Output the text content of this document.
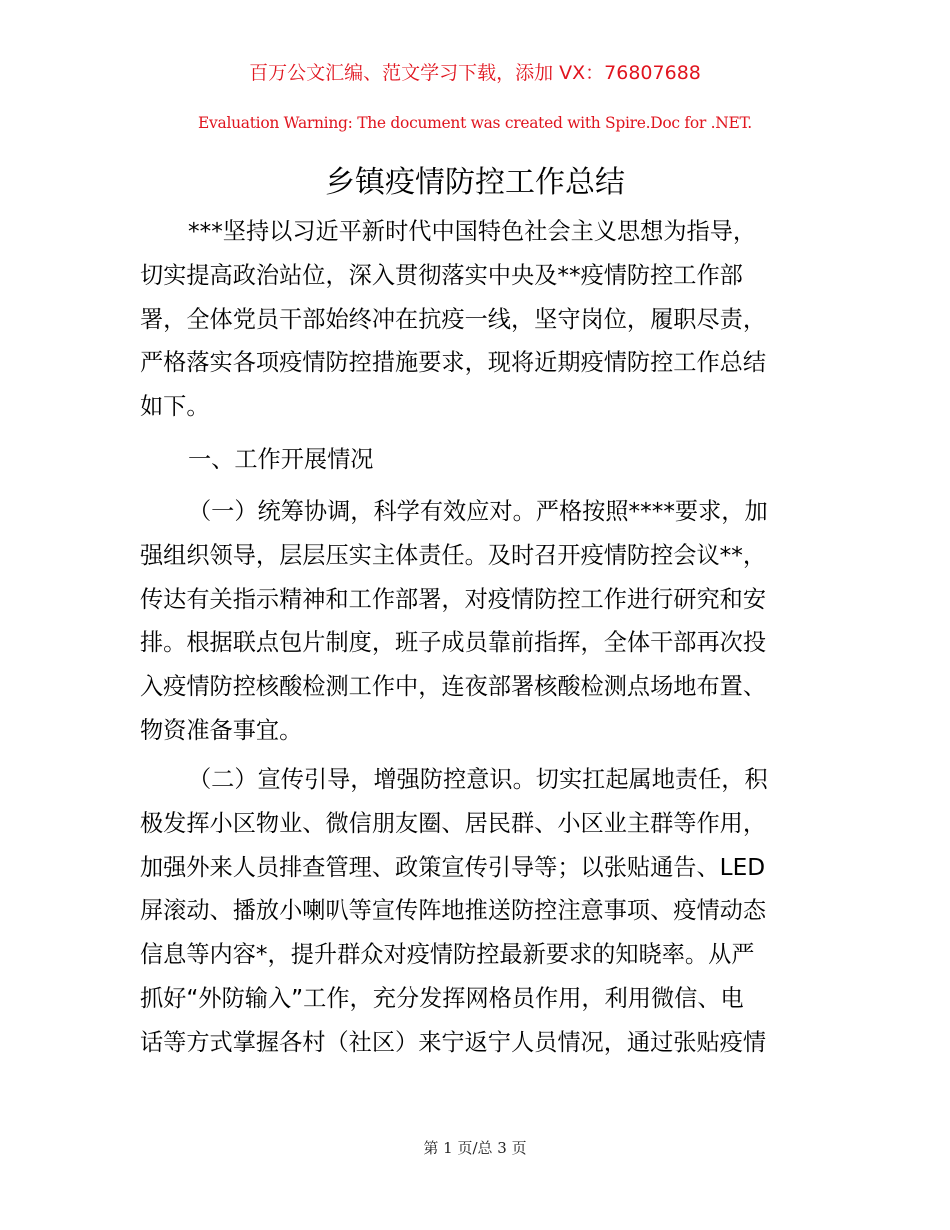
百万公文汇编、范文学习下载，添加 VX：76807688
Evaluation Warning: The document was created with Spire.Doc for .NET.
乡镇疫情防控工作总结
***坚持以习近平新时代中国特色社会主义思想为指导，
切实提高政治站位，深入贯彻落实中央及**疫情防控工作部
署，全体党员干部始终冲在抗疫一线，坚守岗位，履职尽责，
严格落实各项疫情防控措施要求，现将近期疫情防控工作总结
如下。
一、工作开展情况
（一）统筹协调，科学有效应对。严格按照****要求，加
强组织领导，层层压实主体责任。及时召开疫情防控会议**，
传达有关指示精神和工作部署，对疫情防控工作进行研究和安
排。根据联点包片制度，班子成员靠前指挥，全体干部再次投
入疫情防控核酸检测工作中，连夜部署核酸检测点场地布置、
物资准备事宜。
（二）宣传引导，增强防控意识。切实扛起属地责任，积
极发挥小区物业、微信朋友圈、居民群、小区业主群等作用，
加强外来人员排查管理、政策宣传引导等；以张贴通告、LED
屏滚动、播放小喇叭等宣传阵地推送防控注意事项、疫情动态
信息等内容*，提升群众对疫情防控最新要求的知晓率。从严
抓好“外防输入”工作，充分发挥网格员作用，利用微信、电
话等方式掌握各村（社区）来宁返宁人员情况，通过张贴疫情
第 1 页/总 3 页
